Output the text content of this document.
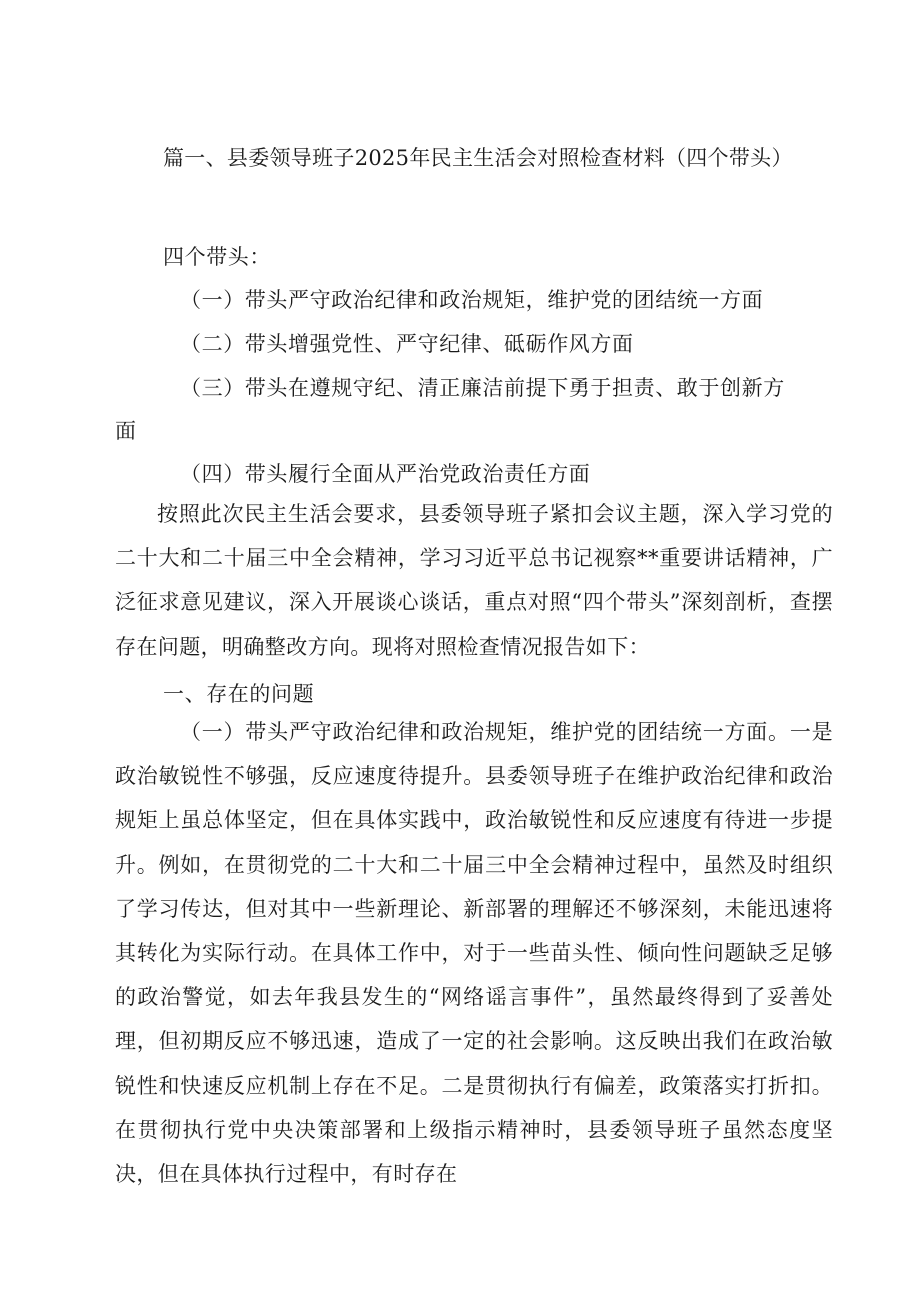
篇一、县委领导班子2025年民主生活会对照检查材料（四个带头）
四个带头：
（一）带头严守政治纪律和政治规矩，维护党的团结统一方面
（二）带头增强党性、严守纪律、砥砺作风方面
（三）带头在遵规守纪、清正廉洁前提下勇于担责、敢于创新方
面
（四）带头履行全面从严治党政治责任方面

按照此次民主生活会要求，县委领导班子紧扣会议主题，深入学习党的二十大和二十届三中全会精神，学习习近平总书记视察**重要讲话精神，广泛征求意见建议，深入开展谈心谈话，重点对照“四个带头”深刻剖析，查摆存在问题，明确整改方向。现将对照检查情况报告如下：

一、存在的问题

（一）带头严守政治纪律和政治规矩，维护党的团结统一方面。一是政治敏锐性不够强，反应速度待提升。县委领导班子在维护政治纪律和政治规矩上虽总体坚定，但在具体实践中，政治敏锐性和反应速度有待进一步提升。例如，在贯彻党的二十大和二十届三中全会精神过程中，虽然及时组织了学习传达，但对其中一些新理论、新部署的理解还不够深刻，未能迅速将其转化为实际行动。在具体工作中，对于一些苗头性、倾向性问题缺乏足够的政治警觉，如去年我县发生的“网络谣言事件”，虽然最终得到了妥善处理，但初期反应不够迅速，造成了一定的社会影响。这反映出我们在政治敏锐性和快速反应机制上存在不足。二是贯彻执行有偏差，政策落实打折扣。在贯彻执行党中央决策部署和上级指示精神时，县委领导班子虽然态度坚决，但在具体执行过程中，有时存在
